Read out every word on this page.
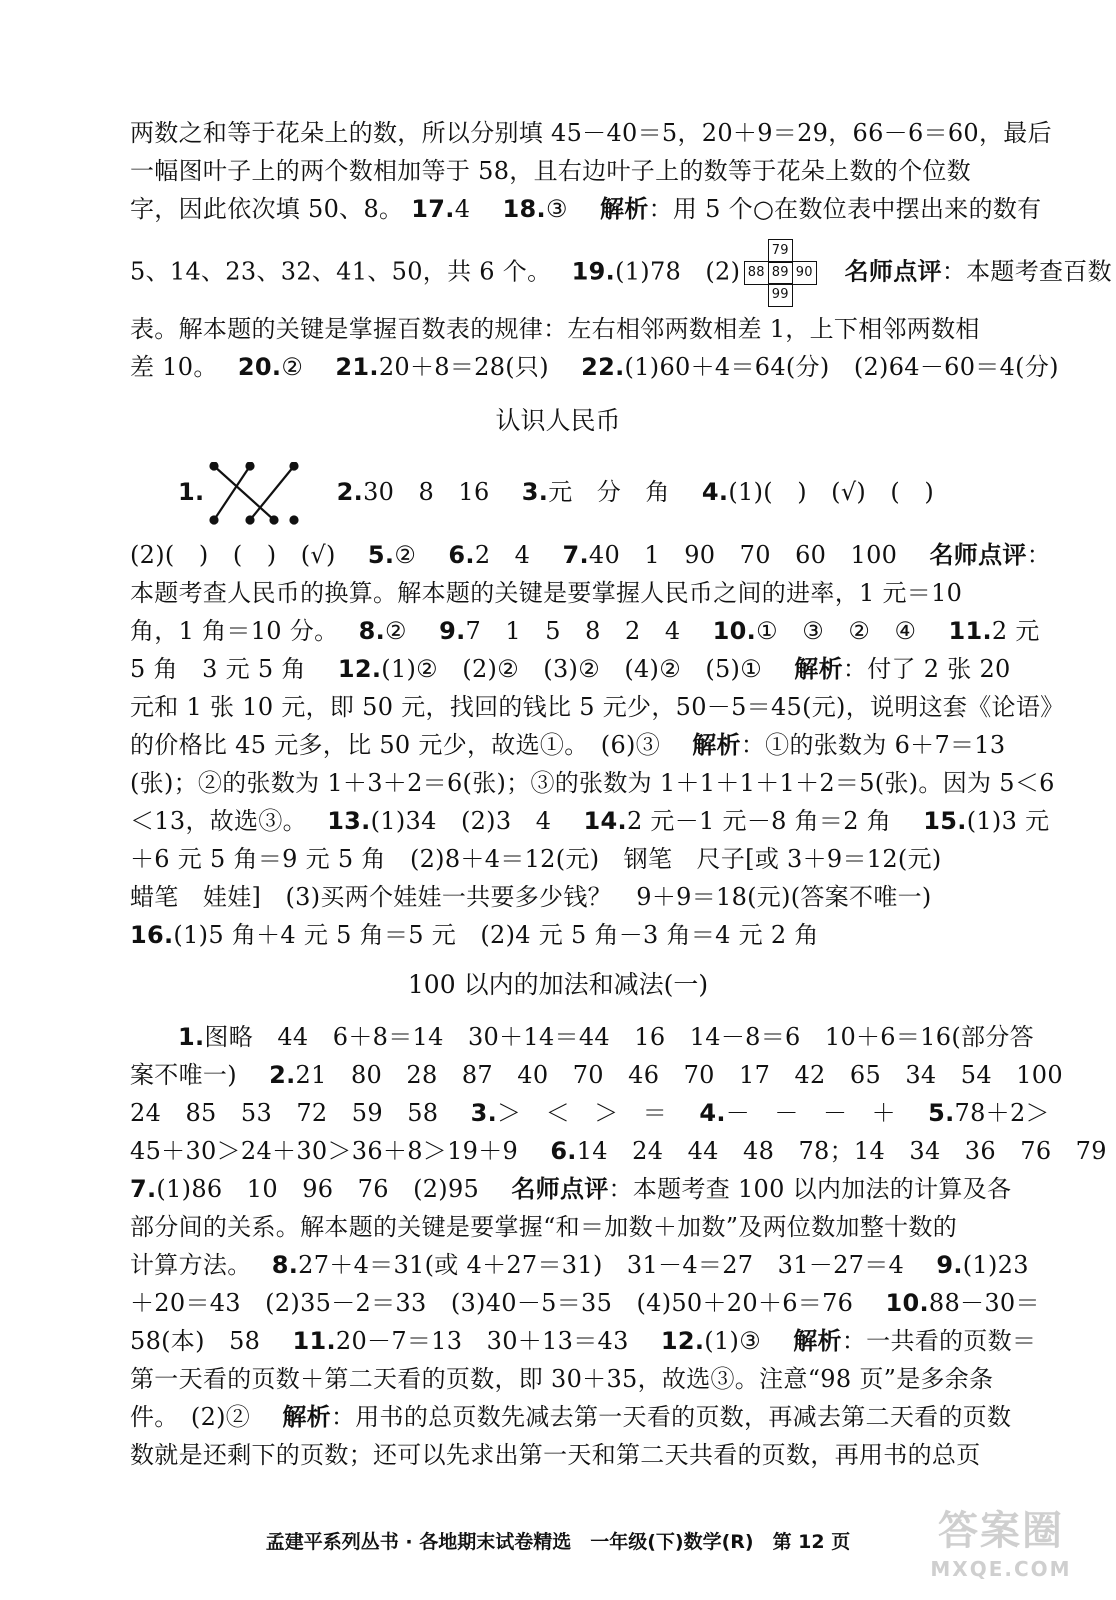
两数之和等于花朵上的数，所以分别填 45－40＝5，20＋9＝29，66－6＝60，最后
一幅图叶子上的两个数相加等于 58，且右边叶子上的数等于花朵上数的个位数
字，因此依次填 50、8。 17.4　 18.③　 解析：用 5 个○在数位表中摆出来的数有
5、14、23、32、41、50，共 6 个。　 19.(1)78　(2)
79
88 89 90
99
　名师点评：本题考查百数
表。解本题的关键是掌握百数表的规律：左右相邻两数相差 1，上下相邻两数相
差 10。　 20.②　 21.20＋8＝28(只)　 22.(1)60＋4＝64(分)　(2)64－60＝4(分)
认识人民币
1.　	2.30　8　16　 3.元　分　角　 4.(1)(　)　(√)　(　)
(2)(　)　(　)　(√)　 5.②　 6.2　4　 7.40　1　90　70　60　100　 名师点评：
本题考查人民币的换算。解本题的关键是要掌握人民币之间的进率，1 元＝10
角，1 角＝10 分。　 8.②　 9.7　1　5　8　2　4　 10.①　③　②　④　 11.2 元
5 角　3 元 5 角　 12.(1)②　(2)②　(3)②　(4)②　(5)①　 解析：付了 2 张 20
元和 1 张 10 元，即 50 元，找回的钱比 5 元少，50－5＝45(元)，说明这套《论语》
的价格比 45 元多，比 50 元少，故选①。　(6)③　 解析：①的张数为 6＋7＝13
(张)；②的张数为 1＋3＋2＝6(张)；③的张数为 1＋1＋1＋1＋2＝5(张)。因为 5＜6
＜13，故选③。　 13.(1)34　(2)3　4　 14.2 元－1 元－8 角＝2 角　 15.(1)3 元
＋6 元 5 角＝9 元 5 角　(2)8＋4＝12(元)　钢笔　尺子[或 3＋9＝12(元)
蜡笔　娃娃]　(3)买两个娃娃一共要多少钱？　9＋9＝18(元)(答案不唯一)
16.(1)5 角＋4 元 5 角＝5 元　(2)4 元 5 角－3 角＝4 元 2 角
100 以内的加法和减法(一)
1.图略　44　6＋8＝14　30＋14＝44　16　14－8＝6　10＋6＝16(部分答
案不唯一)　 2.21　80　28　87　40　70　46　70　17　42　65　34　54　100
24　85　53　72　59　58　 3.＞　＜　＞　＝　 4.－　－　－　＋　 5.78＋2＞
45＋30＞24＋30＞36＋8＞19＋9　 6.14　24　44　48　78；14　34　36　76　79
7.(1)86　10　96　76　(2)95　 名师点评：本题考查 100 以内加法的计算及各
部分间的关系。解本题的关键是要掌握“和＝加数＋加数”及两位数加整十数的
计算方法。　 8.27＋4＝31(或 4＋27＝31)　31－4＝27　31－27＝4　 9.(1)23
＋20＝43　(2)35－2＝33　(3)40－5＝35　(4)50＋20＋6＝76　 10.88－30＝
58(本)　58　 11.20－7＝13　30＋13＝43　 12.(1)③　 解析：一共看的页数＝
第一天看的页数＋第二天看的页数，即 30＋35，故选③。注意“98 页”是多余条
件。　(2)②　 解析：用书的总页数先减去第一天看的页数，再减去第二天看的页数
数就是还剩下的页数；还可以先求出第一天和第二天共看的页数，再用书的总页
孟建平系列丛书 · 各地期末试卷精选　一年级(下)数学(R)　第 12 页	答案圈
MXQE.COM
